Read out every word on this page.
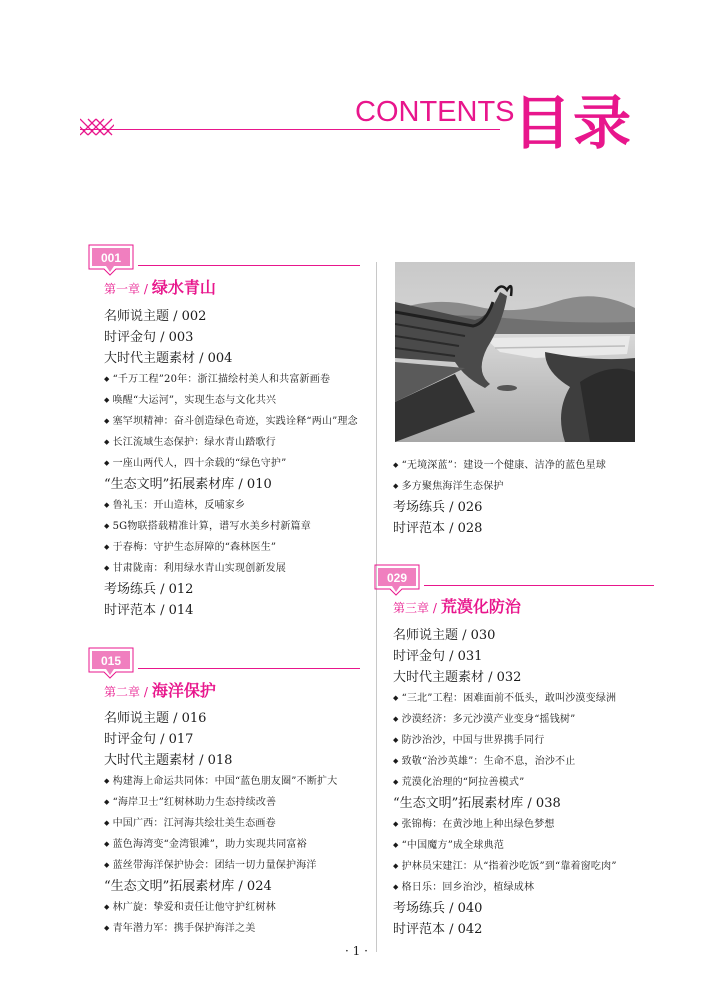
CONTENTS
目录
001
第一章 / 绿水青山
名师说主题 / 002
时评金句 / 003
大时代主题素材 / 004
◆ “千万工程”20年：浙江描绘村美人和共富新画卷
◆ 唤醒“大运河”，实现生态与文化共兴
◆ 塞罕坝精神：奋斗创造绿色奇迹，实践诠释“两山”理念
◆ 长江流域生态保护：绿水青山踏歌行
◆ 一座山两代人，四十余载的“绿色守护”
“生态文明”拓展素材库 / 010
◆ 鲁礼玉：开山造林，反哺家乡
◆ 5G物联搭载精准计算，谱写水美乡村新篇章
◆ 于春梅：守护生态屏障的“森林医生”
◆ 甘肃陇南：利用绿水青山实现创新发展
考场练兵 / 012
时评范本 / 014
015
第二章 / 海洋保护
名师说主题 / 016
时评金句 / 017
大时代主题素材 / 018
◆ 构建海上命运共同体：中国“蓝色朋友圈”不断扩大
◆ “海岸卫士”红树林助力生态持续改善
◆ 中国广西：江河海共绘壮美生态画卷
◆ 蓝色海湾变“金湾银滩”，助力实现共同富裕
◆ 蓝丝带海洋保护协会：团结一切力量保护海洋
“生态文明”拓展素材库 / 024
◆ 林广旋：挚爱和责任让他守护红树林
◆ 青年潜力军：携手保护海洋之美
◆ “无境深蓝”：建设一个健康、洁净的蓝色星球
◆ 多方聚焦海洋生态保护
考场练兵 / 026
时评范本 / 028
029
第三章 / 荒漠化防治
名师说主题 / 030
时评金句 / 031
大时代主题素材 / 032
◆ “三北”工程：困难面前不低头，敢叫沙漠变绿洲
◆ 沙漠经济：多元沙漠产业变身“摇钱树”
◆ 防沙治沙，中国与世界携手同行
◆ 致敬“治沙英雄”：生命不息，治沙不止
◆ 荒漠化治理的“阿拉善模式”
“生态文明”拓展素材库 / 038
◆ 张锦梅：在黄沙地上种出绿色梦想
◆ “中国魔方”成全球典范
◆ 护林员宋建江：从“指着沙吃饭”到“靠着窗吃肉”
◆ 格日乐：回乡治沙，植绿成林
考场练兵 / 040
时评范本 / 042
· 1 ·
